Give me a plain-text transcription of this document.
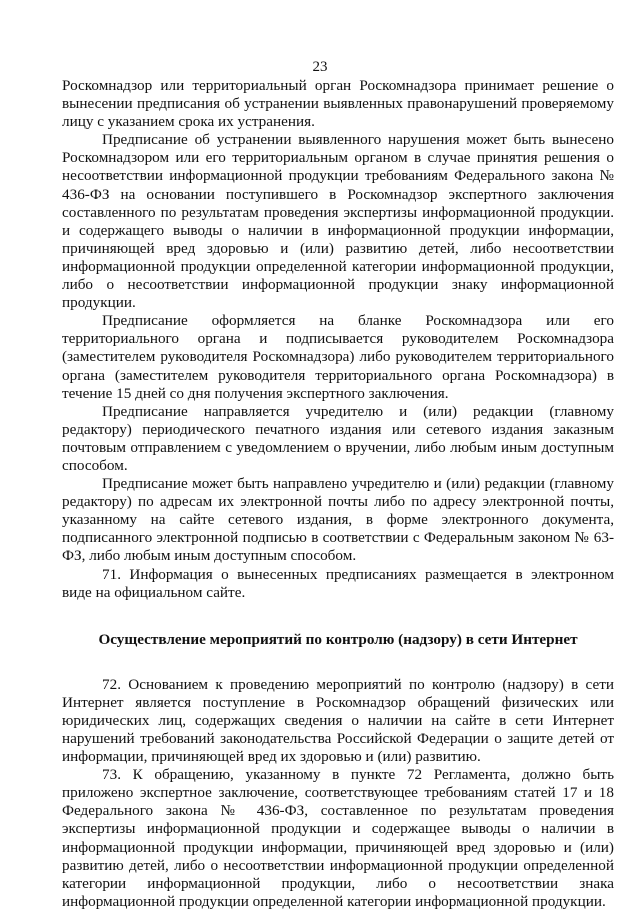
23

Роскомнадзор или территориальный орган Роскомнадзора принимает решение о вынесении предписания об устранении выявленных правонарушений проверяемому лицу с указанием срока их устранения.

Предписание об устранении выявленного нарушения может быть вынесено Роскомнадзором или его территориальным органом в случае принятия решения о несоответствии информационной продукции требованиям Федерального закона № 436-ФЗ на основании поступившего в Роскомнадзор экспертного заключения составленного по результатам проведения экспертизы информационной продукции. и содержащего выводы о наличии в информационной продукции информации, причиняющей вред здоровью и (или) развитию детей, либо несоответствии информационной продукции определенной категории информационной продукции, либо о несоответствии информационной продукции знаку информационной продукции.

Предписание оформляется на бланке Роскомнадзора или его территориального органа и подписывается руководителем Роскомнадзора (заместителем руководителя Роскомнадзора) либо руководителем территориального органа (заместителем руководителя территориального органа Роскомнадзора) в течение 15 дней со дня получения экспертного заключения.

Предписание направляется учредителю и (или) редакции (главному редактору) периодического печатного издания или сетевого издания заказным почтовым отправлением с уведомлением о вручении, либо любым иным доступным способом.

Предписание может быть направлено учредителю и (или) редакции (главному редактору) по адресам их электронной почты либо по адресу электронной почты, указанному на сайте сетевого издания, в форме электронного документа, подписанного электронной подписью в соответствии с Федеральным законом № 63-ФЗ, либо любым иным доступным способом.

71. Информация о вынесенных предписаниях размещается в электронном виде на официальном сайте.

Осуществление мероприятий по контролю (надзору) в сети Интернет

72. Основанием к проведению мероприятий по контролю (надзору) в сети Интернет является поступление в Роскомнадзор обращений физических или юридических лиц, содержащих сведения о наличии на сайте в сети Интернет нарушений требований законодательства Российской Федерации о защите детей от информации, причиняющей вред их здоровью и (или) развитию.

73. К обращению, указанному в пункте 72 Регламента, должно быть приложено экспертное заключение, соответствующее требованиям статей 17 и 18 Федерального закона № 436-ФЗ, составленное по результатам проведения экспертизы информационной продукции и содержащее выводы о наличии в информационной продукции информации, причиняющей вред здоровью и (или) развитию детей, либо о несоответствии информационной продукции определенной категории информационной продукции, либо о несоответствии знака информационной продукции определенной категории информационной продукции.
